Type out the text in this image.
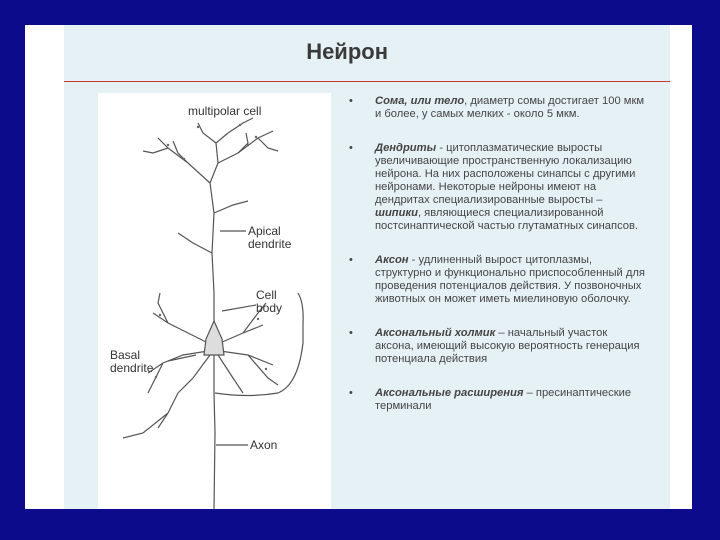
Нейрон
multipolar cell
Apical
dendrite
Cell
body
Basal
dendrite
Axon
• Сома, или тело, диаметр сомы достигает 100 мкм и более, у самых мелких - около 5 мкм.
• Дендриты - цитоплазматические выросты увеличивающие пространственную локализацию нейрона. На них расположены синапсы с другими нейронами. Некоторые нейроны имеют на дендритах специализированные выросты – шипики, являющиеся специализированной постсинаптической частью глутаматных синапсов.
• Аксон - удлиненный вырост цитоплазмы, структурно и функционально приспособленный для проведения потенциалов действия. У позвоночных животных он может иметь миелиновую оболочку.
• Аксональный холмик – начальный участок аксона, имеющий высокую вероятность генерация потенциала действия
• Аксональные расширения – пресинаптические терминали
